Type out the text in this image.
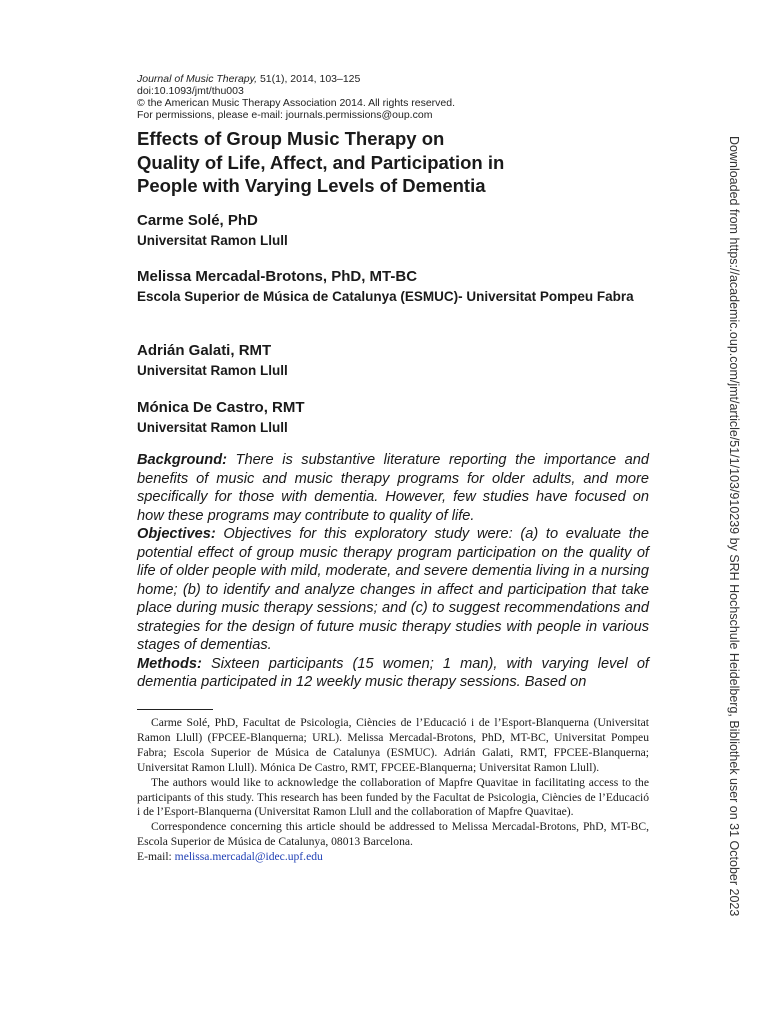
Journal of Music Therapy, 51(1), 2014, 103–125
doi:10.1093/jmt/thu003
© the American Music Therapy Association 2014. All rights reserved.
For permissions, please e-mail: journals.permissions@oup.com
Effects of Group Music Therapy on
Quality of Life, Affect, and Participation in
People with Varying Levels of Dementia
Carme Solé, PhD
Universitat Ramon Llull
Melissa Mercadal-Brotons, PhD, MT-BC
Escola Superior de Música de Catalunya (ESMUC)- Universitat Pompeu Fabra
Adrián Galati, RMT
Universitat Ramon Llull
Mónica De Castro, RMT
Universitat Ramon Llull

Background: There is substantive literature reporting the importance and benefits of music and music therapy programs for older adults, and more specifically for those with dementia. However, few studies have focused on how these programs may contribute to quality of life.

Objectives: Objectives for this exploratory study were: (a) to evaluate the potential effect of group music therapy program participation on the quality of life of older people with mild, moderate, and severe dementia living in a nursing home; (b) to identify and analyze changes in affect and participation that take place during music therapy sessions; and (c) to suggest recommendations and strategies for the design of future music therapy studies with people in various stages of dementias.

Methods: Sixteen participants (15 women; 1 man), with varying level of dementia participated in 12 weekly music therapy sessions. Based on

Carme Solé, PhD, Facultat de Psicologia, Ciències de l’Educació i de l’Esport-Blanquerna (Universitat Ramon Llull) (FPCEE-Blanquerna; URL). Melissa Mercadal-Brotons, PhD, MT-BC, Universitat Pompeu Fabra; Escola Superior de Música de Catalunya (ESMUC). Adrián Galati, RMT, FPCEE-Blanquerna; Universitat Ramon Llull). Mónica De Castro, RMT, FPCEE-Blanquerna; Universitat Ramon Llull).

The authors would like to acknowledge the collaboration of Mapfre Quavitae in facilitating access to the participants of this study. This research has been funded by the Facultat de Psicologia, Ciències de l’Educació i de l’Esport-Blanquerna (Universitat Ramon Llull and the collaboration of Mapfre Quavitae).

Correspondence concerning this article should be addressed to Melissa Mercadal-Brotons, PhD, MT-BC, Escola Superior de Música de Catalunya, 08013 Barcelona.
E-mail: melissa.mercadal@idec.upf.edu	Downloaded from https://academic.oup.com/jmt/article/51/1/103/910239 by SRH Hochschule Heidelberg, Bibliothek user on 31 October 2023
